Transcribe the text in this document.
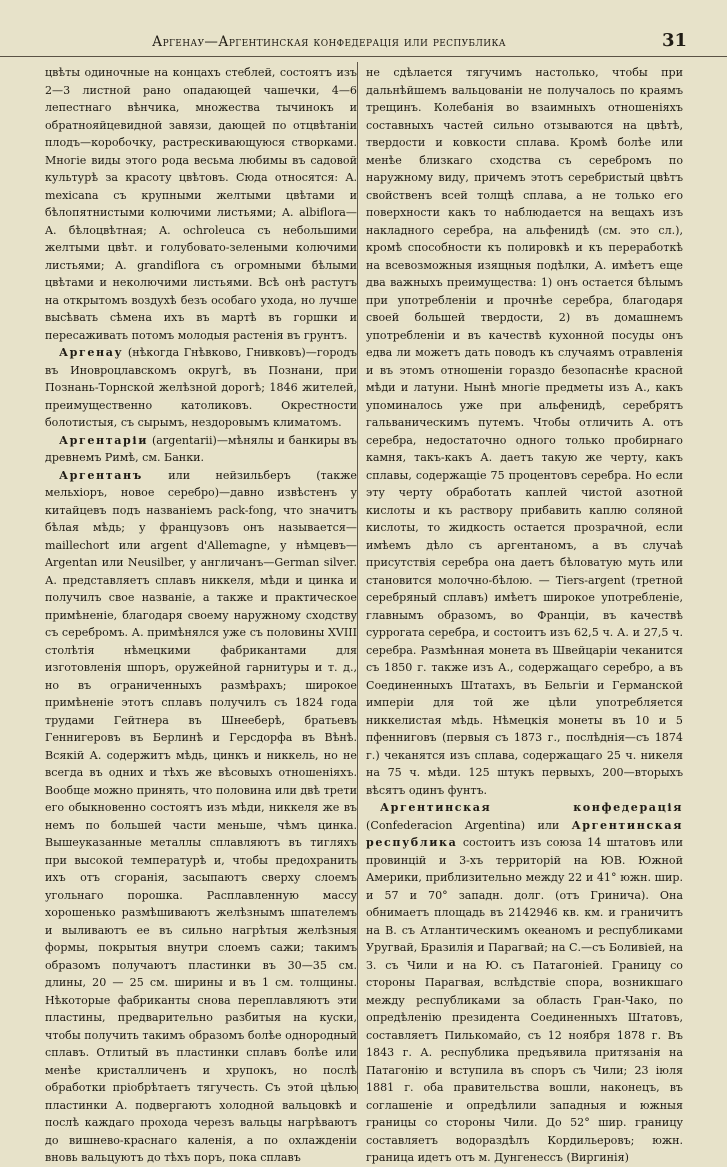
Аргенау—Аргентинская конфедерація или республика	31

цвѣты одиночные на концахъ стеблей, состоятъ изъ 2—3 листной рано опадающей чашечки, 4—6 лепестнаго вѣнчика, множества тычинокъ и обратнояйцевидной завязи, дающей по отцвѣтаніи плодъ—коробочку, растрескивающуюся створками. Многіе виды этого рода весьма любимы въ садовой культурѣ за красоту цвѣтовъ. Сюда относятся: A. mexicana съ крупными желтыми цвѣтами и бѣлопятнистыми колючими листьями; A. albiflora—A. бѣлоцвѣтная; A. ochroleuca съ небольшими желтыми цвѣт. и голубовато-зелеными колючими листьями; A. grandiflora съ огромными бѣлыми цвѣтами и неколючими листьями. Всѣ онѣ растутъ на открытомъ воздухѣ безъ особаго ухода, но лучше высѣвать сѣмена ихъ въ мартѣ въ горшки и пересаживать потомъ молодыя растенія въ грунтъ.

Аргенау (нѣкогда Гнѣвково, Гнивковъ)—городъ въ Иновроцлавскомъ округѣ, въ Познани, при Познань-Торнской желѣзной дорогѣ; 1846 жителей, преимущественно католиковъ. Окрестности болотистыя, съ сырымъ, нездоровымъ климатомъ.

Аргентаріи (argentarii)—мѣнялы и банкиры въ древнемъ Римѣ, см. Банки.

Аргентанъ или нейзильберъ (также мельхіоръ, новое серебро)—давно извѣстенъ у китайцевъ подъ названіемъ pack-fong, что значитъ бѣлая мѣдь; у французовъ онъ называется—maillechort или argent d'Allemagne, у нѣмцевъ—Argentan или Neusilber, у англичанъ—German silver. А. представляетъ сплавъ никкеля, мѣди и цинка и получилъ свое названіе, а также и практическое примѣненіе, благодаря своему наружному сходству съ серебромъ. А. примѣнялся уже съ половины XVIII столѣтія нѣмецкими фабрикантами для изготовленія шпоръ, оружейной гарнитуры и т. д., но въ ограниченныхъ размѣрахъ; широкое примѣненіе этотъ сплавъ получилъ съ 1824 года трудами Гейтнера въ Шнееберѣ, братьевъ Геннигеровъ въ Берлинѣ и Герсдорфа въ Вѣнѣ. Всякій А. содержитъ мѣдь, цинкъ и никкель, но не всегда въ одних и тѣхъ же вѣсовыхъ отношеніяхъ. Вообще можно принять, что половина или двѣ трети его обыкновенно состоятъ изъ мѣди, никкеля же въ немъ по большей части меньше, чѣмъ цинка. Вышеуказанные металлы сплавляютъ въ тигляхъ при высокой температурѣ и, чтобы предохранить ихъ отъ сгоранія, засыпаютъ сверху слоемъ угольнаго порошка. Расплавленную массу хорошенько размѣшиваютъ желѣзнымъ шпателемъ и выливаютъ ее въ сильно нагрѣтыя желѣзныя формы, покрытыя внутри слоемъ сажи; такимъ образомъ получаютъ пластинки въ 30—35 см. длины, 20 — 25 см. ширины и въ 1 см. толщины. Нѣкоторые фабриканты снова переплавляютъ эти пластины, предварительно разбитыя на куски, чтобы получить такимъ образомъ болѣе однородный сплавъ. Отлитый въ пластинки сплавъ болѣе или менѣе кристалличенъ и хрупокъ, но послѣ обработки пріобрѣтаетъ тягучесть. Съ этой цѣлью пластинки А. подвергаютъ холодной вальцовкѣ и послѣ каждаго прохода черезъ вальцы нагрѣваютъ до вишнево-краснаго каленія, а по охлажденіи вновь вальцуютъ до тѣхъ поръ, пока сплавъ

не сдѣлается тягучимъ настолько, чтобы при дальнѣйшемъ вальцованіи не получалось по краямъ трещинъ. Колебанія во взаимныхъ отношеніяхъ составныхъ частей сильно отзываются на цвѣтѣ, твердости и ковкости сплава. Кромѣ болѣе или менѣе близкаго сходства съ серебромъ по наружному виду, причемъ этотъ серебристый цвѣтъ свойственъ всей толщѣ сплава, а не только его поверхности какъ то наблюдается на вещахъ изъ накладного серебра, на альфенидѣ (см. это сл.), кромѣ способности къ полировкѣ и къ переработкѣ на всевозможныя изящныя подѣлки, А. имѣетъ еще два важныхъ преимущества: 1) онъ остается бѣлымъ при употребленіи и прочнѣе серебра, благодаря своей большей твердости, 2) въ домашнемъ употребленіи и въ качествѣ кухонной посуды онъ едва ли можетъ дать поводъ къ случаямъ отравленія и въ этомъ отношеніи гораздо безопаснѣе красной мѣди и латуни. Нынѣ многіе предметы изъ А., какъ упоминалось уже при альфенидѣ, серебрятъ гальваническимъ путемъ. Чтобы отличить А. отъ серебра, недостаточно одного только пробирнаго камня, такъ-какъ А. даетъ такую же черту, какъ сплавы, содержащіе 75 процентовъ серебра. Но если эту черту обработать каплей чистой азотной кислоты и къ раствору прибавить каплю соляной кислоты, то жидкость остается прозрачной, если имѣемъ дѣло съ аргентаномъ, а въ случаѣ присутствія серебра она даетъ бѣловатую муть или становится молочно-бѣлою. — Tiers-argent (третной серебряный сплавъ) имѣетъ широкое употребленіе, главнымъ образомъ, во Франціи, въ качествѣ суррогата серебра, и состоитъ изъ 62,5 ч. А. и 27,5 ч. серебра. Размѣнная монета въ Швейцаріи чеканится съ 1850 г. также изъ А., содержащаго серебро, а въ Соединенныхъ Штатахъ, въ Бельгіи и Германской имперіи для той же цѣли употребляется никкелистая мѣдь. Нѣмецкія монеты въ 10 и 5 пфенниговъ (первыя съ 1873 г., послѣднія—съ 1874 г.) чеканятся изъ сплава, содержащаго 25 ч. никеля на 75 ч. мѣди. 125 штукъ первыхъ, 200—вторыхъ вѣсятъ одинъ фунтъ.

Аргентинская конфедерація (Confederacion Argentina) или Аргентинская республика состоитъ изъ союза 14 штатовъ или провинцій и 3-хъ территорій на ЮВ. Южной Америки, приблизительно между 22 и 41° южн. шир. и 57 и 70° западн. долг. (отъ Гринича). Она обнимаетъ площадь въ 2142946 кв. км. и граничитъ на В. съ Атлантическимъ океаномъ и республиками Уругвай, Бразилія и Парагвай; на С.—съ Боливіей, на З. съ Чили и на Ю. съ Патагоніей. Границу со стороны Парагвая, вслѣдствіе спора, возникшаго между республиками за область Гран-Чако, по опредѣленію президента Соединенныхъ Штатовъ, составляетъ Пилькомайо, съ 12 ноября 1878 г. Въ 1843 г. А. республика предъявила притязанія на Патагонію и вступила въ споръ съ Чили; 23 іюля 1881 г. оба правительства вошли, наконецъ, въ соглашеніе и опредѣлили западныя и южныя границы со стороны Чили. До 52° шир. границу составляетъ водораздѣлъ Кордильеровъ; южн. граница идетъ отъ м. Дунгенессъ (Виргинія)
